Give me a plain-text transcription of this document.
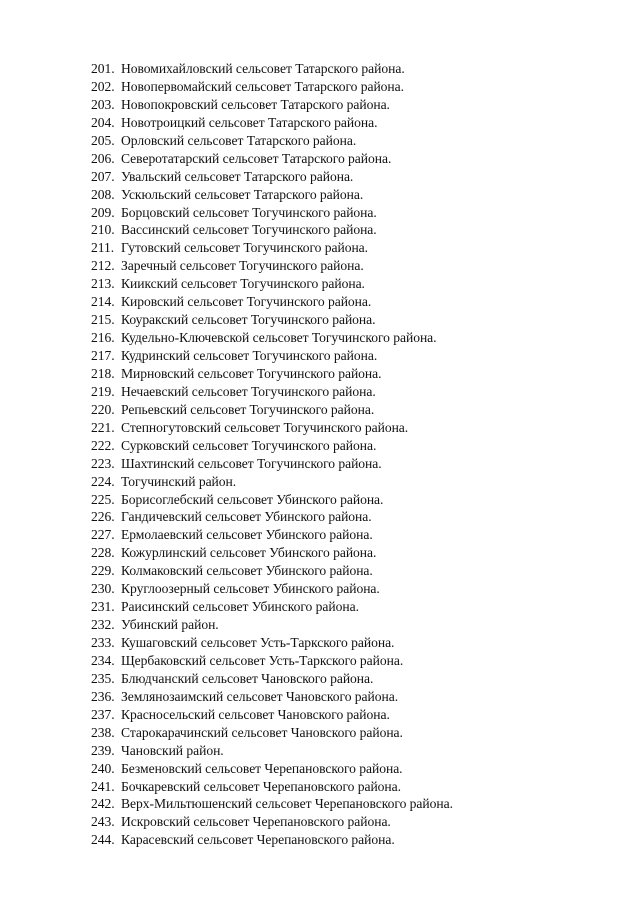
201. Новомихайловский сельсовет Татарского района.
202. Новопервомайский сельсовет Татарского района.
203. Новопокровский сельсовет Татарского района.
204. Новотроицкий сельсовет Татарского района.
205. Орловский сельсовет Татарского района.
206. Северотатарский сельсовет Татарского района.
207. Увальский сельсовет Татарского района.
208. Ускюльский сельсовет Татарского района.
209. Борцовский сельсовет Тогучинского района.
210. Вассинский сельсовет Тогучинского района.
211. Гутовский сельсовет Тогучинского района.
212. Заречный сельсовет Тогучинского района.
213. Киикский сельсовет Тогучинского района.
214. Кировский сельсовет Тогучинского района.
215. Коуракский сельсовет Тогучинского района.
216. Кудельно-Ключевской сельсовет Тогучинского района.
217. Кудринский сельсовет Тогучинского района.
218. Мирновский сельсовет Тогучинского района.
219. Нечаевский сельсовет Тогучинского района.
220. Репьевский сельсовет Тогучинского района.
221. Степногутовский сельсовет Тогучинского района.
222. Сурковский сельсовет Тогучинского района.
223. Шахтинский сельсовет Тогучинского района.
224. Тогучинский район.
225. Борисоглебский сельсовет Убинского района.
226. Гандичевский сельсовет Убинского района.
227. Ермолаевский сельсовет Убинского района.
228. Кожурлинский сельсовет Убинского района.
229. Колмаковский сельсовет Убинского района.
230. Круглоозерный сельсовет Убинского района.
231. Раисинский сельсовет Убинского района.
232. Убинский район.
233. Кушаговский сельсовет Усть-Таркского района.
234. Щербаковский сельсовет Усть-Таркского района.
235. Блюдчанский сельсовет Чановского района.
236. Землянозаимский сельсовет Чановского района.
237. Красносельский сельсовет Чановского района.
238. Старокарачинский сельсовет Чановского района.
239. Чановский район.
240. Безменовский сельсовет Черепановского района.
241. Бочкаревский сельсовет Черепановского района.
242. Верх-Мильтюшенский сельсовет Черепановского района.
243. Искровский сельсовет Черепановского района.
244. Карасевский сельсовет Черепановского района.
